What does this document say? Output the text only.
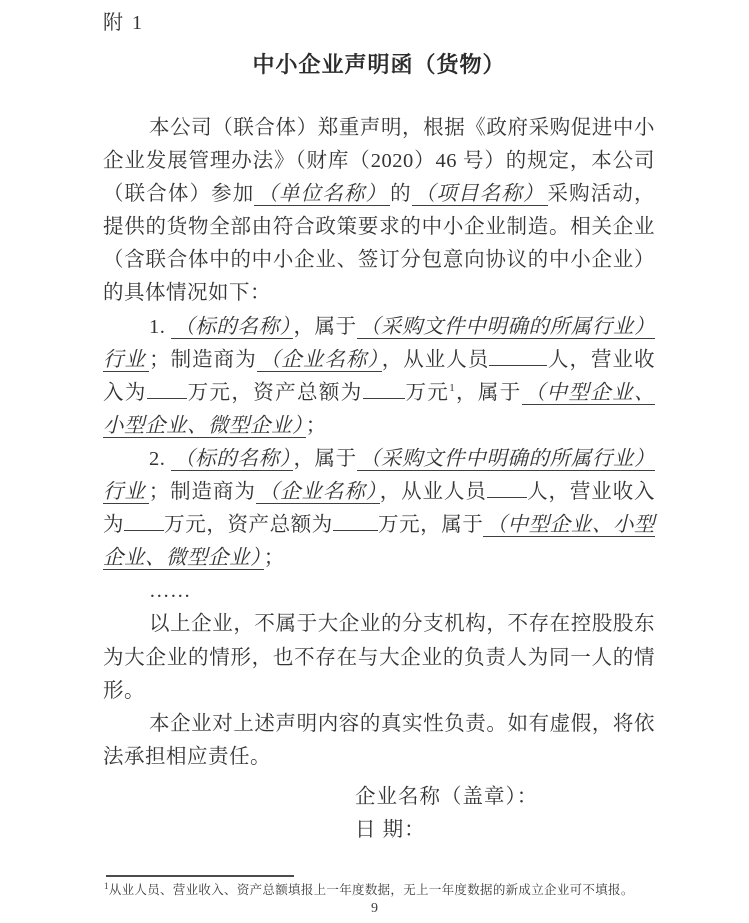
附 1
中小企业声明函（货物）

本公司（联合体）郑重声明，根据《政府采购促进中小企业发展管理办法》（财库（2020）46 号）的规定，本公司（联合体）参加 （单位名称） 的 （项目名称） 采购活动，提供的货物全部由符合政策要求的中小企业制造。相关企业（含联合体中的中小企业、签订分包意向协议的中小企业）的具体情况如下：

1. （标的名称） ，属于 （采购文件中明确的所属行业）行业 ；制造商为 （企业名称） ，从业人员	人，营业收入为 万元，资产总额为 万元$^1$，属于 （中型企业、小型企业、微型企业） ；

2. （标的名称） ，属于 （采购文件中明确的所属行业）行业 ；制造商为 （企业名称） ，从业人员 人，营业收入为 万元，资产总额为 万元，属于 （中型企业、小型企业、微型企业） ；

……

以上企业，不属于大企业的分支机构，不存在控股股东为大企业的情形，也不存在与大企业的负责人为同一人的情形。

本企业对上述声明内容的真实性负责。如有虚假，将依法承担相应责任。

企业名称（盖章）：

日 期：

$^1$从业人员、营业收入、资产总额填报上一年度数据，无上一年度数据的新成立企业可不填报。

9
